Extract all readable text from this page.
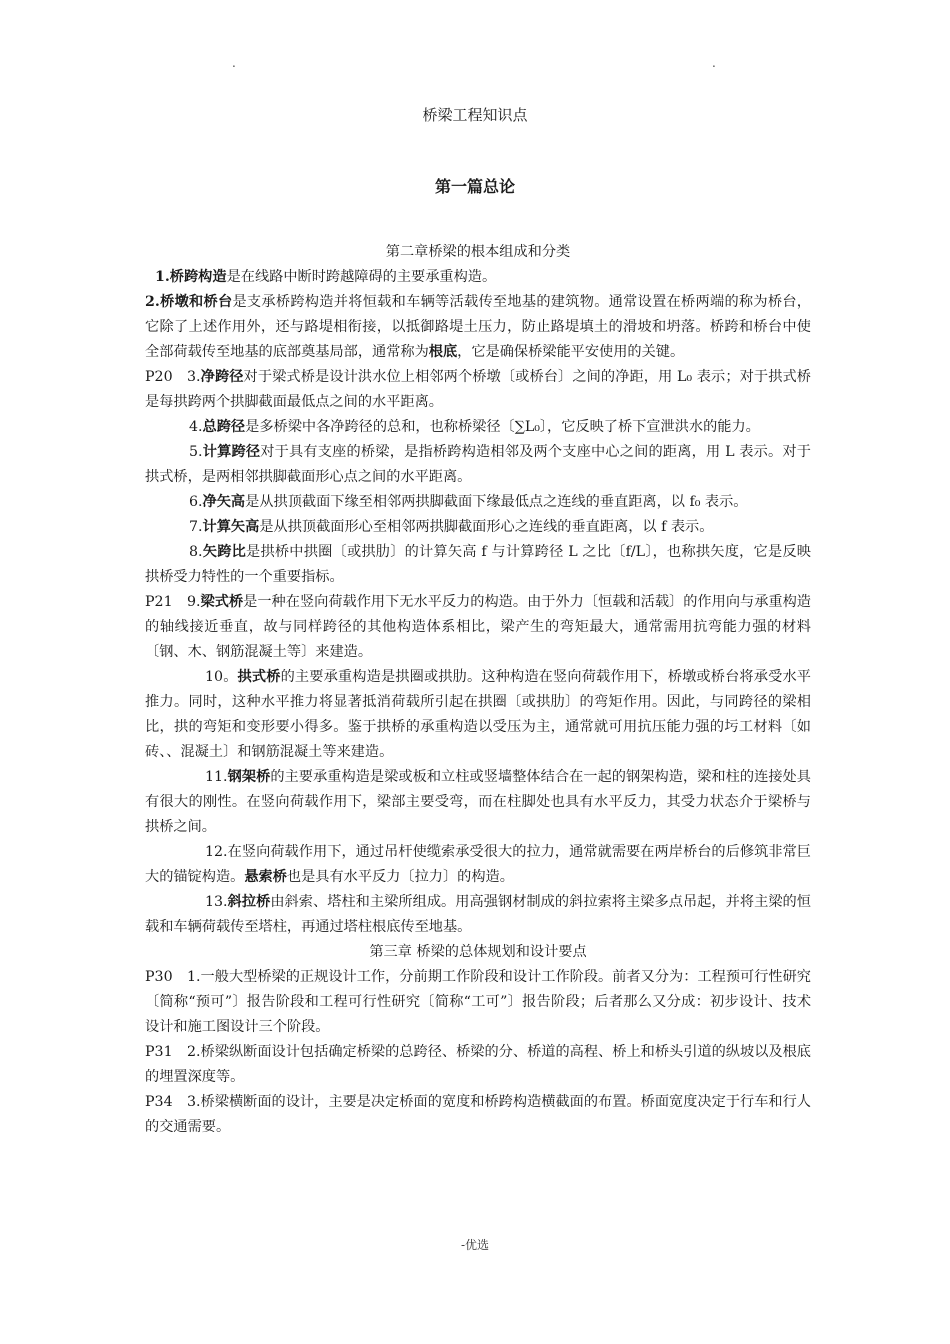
.	.
桥梁工程知识点
第一篇总论

第二章桥梁的根本组成和分类

1.桥跨构造是在线路中断时跨越障碍的主要承重构造。

2.桥墩和桥台是支承桥跨构造并将恒载和车辆等活载传至地基的建筑物。通常设置在桥两端的称为桥台，它除了上述作用外，还与路堤相衔接，以抵御路堤土压力，防止路堤填土的滑坡和坍落。桥跨和桥台中使全部荷载传至地基的底部奠基局部，通常称为根底，它是确保桥梁能平安使用的关键。

P20 3.净跨径对于梁式桥是设计洪水位上相邻两个桥墩〔或桥台〕之间的净距，用 L₀ 表示；对于拱式桥是每拱跨两个拱脚截面最低点之间的水平距离。

4.总跨径是多桥梁中各净跨径的总和，也称桥梁径〔∑L₀〕，它反映了桥下宣泄洪水的能力。

5.计算跨径对于具有支座的桥梁，是指桥跨构造相邻及两个支座中心之间的距离，用 L 表示。对于拱式桥，是两相邻拱脚截面形心点之间的水平距离。

6.净矢高是从拱顶截面下缘至相邻两拱脚截面下缘最低点之连线的垂直距离，以 f₀ 表示。

7.计算矢高是从拱顶截面形心至相邻两拱脚截面形心之连线的垂直距离，以 f 表示。

8.矢跨比是拱桥中拱圈〔或拱肋〕的计算矢高 f 与计算跨径 L 之比〔f/L〕，也称拱矢度，它是反映拱桥受力特性的一个重要指标。

P21 9.梁式桥是一种在竖向荷载作用下无水平反力的构造。由于外力〔恒载和活载〕的作用向与承重构造的轴线接近垂直，故与同样跨径的其他构造体系相比，梁产生的弯矩最大，通常需用抗弯能力强的材料〔钢、木、钢筋混凝土等〕来建造。

10。拱式桥的主要承重构造是拱圈或拱肋。这种构造在竖向荷载作用下，桥墩或桥台将承受水平推力。同时，这种水平推力将显著抵消荷载所引起在拱圈〔或拱肋〕的弯矩作用。因此，与同跨径的梁相比，拱的弯矩和变形要小得多。鉴于拱桥的承重构造以受压为主，通常就可用抗压能力强的圬工材料〔如砖、、混凝土〕和钢筋混凝土等来建造。

11.钢架桥的主要承重构造是梁或板和立柱或竖墙整体结合在一起的钢架构造，梁和柱的连接处具有很大的刚性。在竖向荷载作用下，梁部主要受弯，而在柱脚处也具有水平反力，其受力状态介于梁桥与拱桥之间。

12.在竖向荷载作用下，通过吊杆使缆索承受很大的拉力，通常就需要在两岸桥台的后修筑非常巨大的锚锭构造。悬索桥也是具有水平反力〔拉力〕的构造。

13.斜拉桥由斜索、塔柱和主梁所组成。用高强钢材制成的斜拉索将主梁多点吊起，并将主梁的恒载和车辆荷载传至塔柱，再通过塔柱根底传至地基。

第三章 桥梁的总体规划和设计要点

P30 1.一般大型桥梁的正规设计工作，分前期工作阶段和设计工作阶段。前者又分为：工程预可行性研究〔简称“预可”〕报告阶段和工程可行性研究〔简称“工可”〕报告阶段；后者那么又分成：初步设计、技术设计和施工图设计三个阶段。

P31 2.桥梁纵断面设计包括确定桥梁的总跨径、桥梁的分、桥道的高程、桥上和桥头引道的纵坡以及根底的埋置深度等。

P34 3.桥梁横断面的设计，主要是决定桥面的宽度和桥跨构造横截面的布置。桥面宽度决定于行车和行人的交通需要。

-优选
